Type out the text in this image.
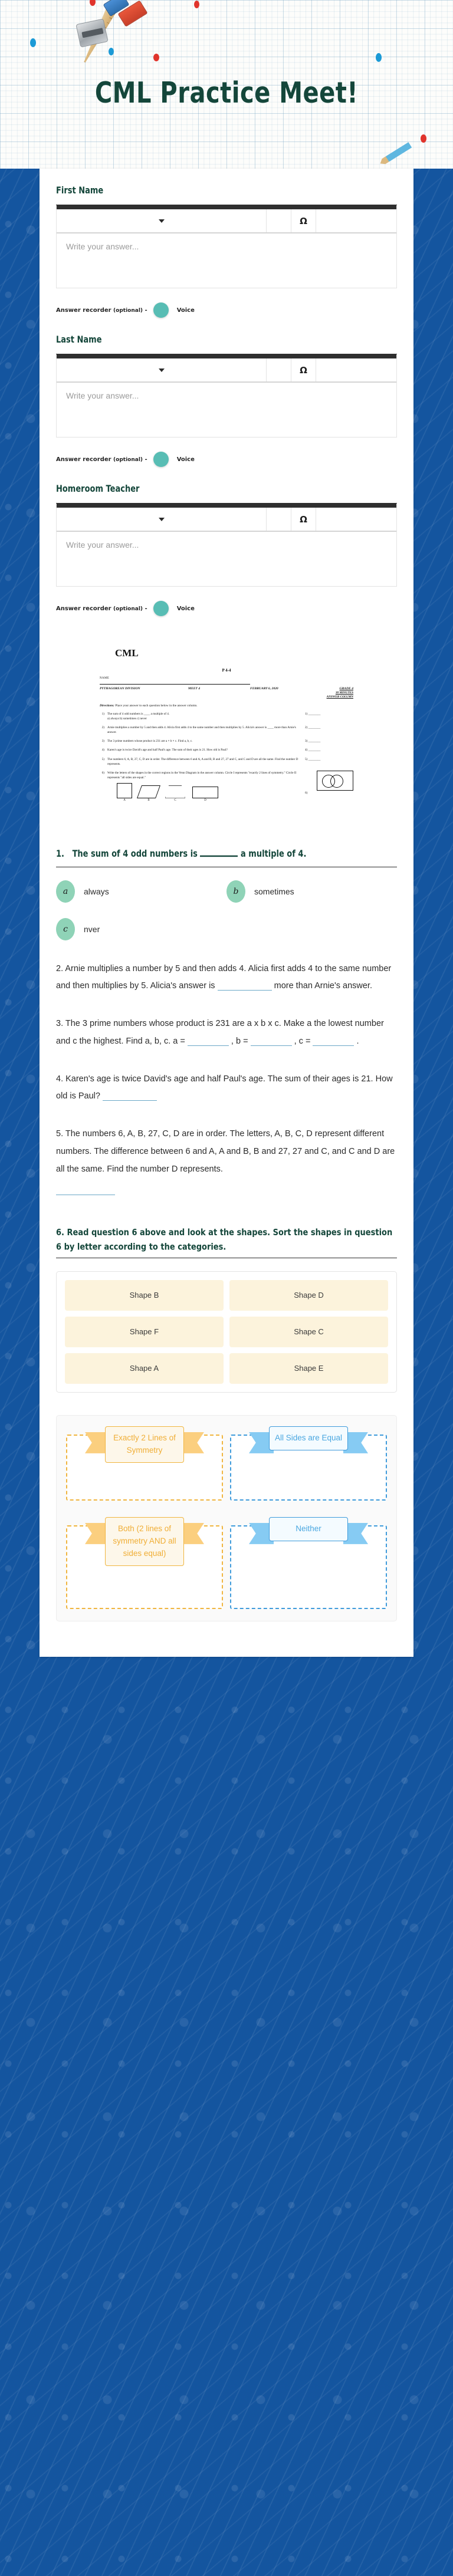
CML Practice Meet!
First Name
Ω
Write your answer...
Answer recorder (optional) -	Voice
Last Name
Ω
Write your answer...
Answer recorder (optional) -	Voice
Homeroom Teacher
Ω
Write your answer...
Answer recorder (optional) -	Voice
CML
P 4-4
NAME
PYTHAGOREAN DIVISION	MEET 4	FEBRUARY 6, 2020	GRADE 4
30 MINUTES
ANSWER COLUMN
Directions: Place your answer to each question below in the answer column.
1) The sum of 4 odd numbers is ____ a multiple of 4.
a) always b) sometimes c) never
1) ________
2) Arnie multiplies a number by 5 and then adds 4. Alicia first adds 4 to the same number and then multiplies by 5. Alicia's answer is ____ more than Arnie's answer.
2) ________
3) The 3 prime numbers whose product is 231 are a × b × c. Find a, b, c.	3) ________
4) Karen's age is twice David's age and half Paul's age. The sum of their ages is 21. How old is Paul?	4) ________
5) The numbers 6, A, B, 27, C, D are in order. The difference between 6 and A, A and B, B and 27, 27 and C, and C and D are all the same. Find the number D represents.
5) ________
6) Write the letters of the shapes in the correct regions in the Venn Diagram in the answer column. Circle I represents "exactly 2 lines of symmetry." Circle II represents "all sides are equal."
A	B	C	D
6)
1. The sum of 4 odd numbers is	a multiple of 4.
a	always	b	sometimes
c	nver
2. Arnie multiplies a number by 5 and then adds 4. Alicia first adds 4 to the same number and then multiplies by 5. Alicia's answer is	more than Arnie's answer.
3. The 3 prime numbers whose product is 231 are a x b x c. Make a the lowest number and c the highest. Find a, b, c. a =	, b =	, c =	.
4. Karen's age is twice David's age and half Paul's age. The sum of their ages is 21. How old is Paul?
5. The numbers 6, A, B, 27, C, D are in order. The letters, A, B, C, D represent different numbers. The difference between 6 and A, A and B, B and 27, 27 and C, and C and D are all the same. Find the number D represents.
6. Read question 6 above and look at the shapes. Sort the shapes in question 6 by letter according to the categories.
Shape B	Shape D
Shape F	Shape C
Shape A	Shape E
Exactly 2 Lines of Symmetry
All Sides are Equal
Both (2 lines of symmetry AND all sides equal)
Neither
